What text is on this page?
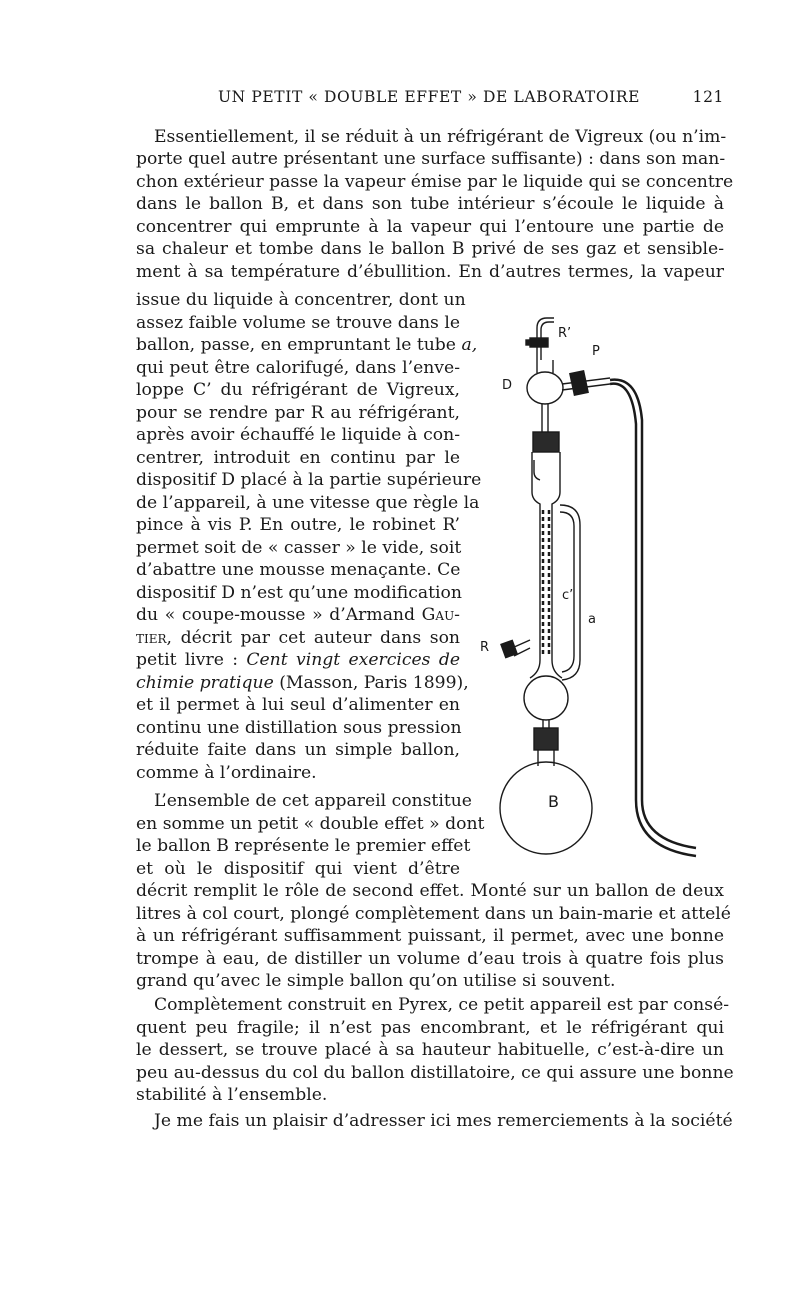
UN PETIT « DOUBLE EFFET » DE LABORATOIRE	121
Essentiellement, il se réduit à un réfrigérant de Vigreux (ou n’im-
porte quel autre présentant une surface suffisante) : dans son man-
chon extérieur passe la vapeur émise par le liquide qui se concentre
dans le ballon B, et dans son tube intérieur s’écoule le liquide à
concentrer qui emprunte à la vapeur qui l’entoure une partie de
sa chaleur et tombe dans le ballon B privé de ses gaz et sensible-
ment à sa température d’ébullition. En d’autres termes, la vapeur
issue du liquide à concentrer, dont un
assez faible volume se trouve dans le
ballon, passe, en empruntant le tube a,
qui peut être calorifugé, dans l’enve-
loppe C’ du réfrigérant de Vigreux,
pour se rendre par R au réfrigérant,
après avoir échauffé le liquide à con-
centrer, introduit en continu par le
dispositif D placé à la partie supérieure
de l’appareil, à une vitesse que règle la
pince à vis P. En outre, le robinet R’
permet soit de « casser » le vide, soit
d’abattre une mousse menaçante. Ce
dispositif D n’est qu’une modification
du « coupe-mousse » d’Armand Gau-
tier, décrit par cet auteur dans son
petit livre : Cent vingt exercices de
chimie pratique (Masson, Paris 1899),
et il permet à lui seul d’alimenter en
continu une distillation sous pression
réduite faite dans un simple ballon,
comme à l’ordinaire.
L’ensemble de cet appareil constitue
en somme un petit « double effet » dont
le ballon B représente le premier effet
et où le dispositif qui vient d’être
décrit remplit le rôle de second effet. Monté sur un ballon de deux
litres à col court, plongé complètement dans un bain-marie et attelé
à un réfrigérant suffisamment puissant, il permet, avec une bonne
trompe à eau, de distiller un volume d’eau trois à quatre fois plus
grand qu’avec le simple ballon qu’on utilise si souvent.
Complètement construit en Pyrex, ce petit appareil est par consé-
quent peu fragile; il n’est pas encombrant, et le réfrigérant qui
le dessert, se trouve placé à sa hauteur habituelle, c’est-à-dire un
peu au-dessus du col du ballon distillatoire, ce qui assure une bonne
stabilité à l’ensemble.
Je me fais un plaisir d’adresser ici mes remerciements à la société
R’
P
D
c’
a
R
B
